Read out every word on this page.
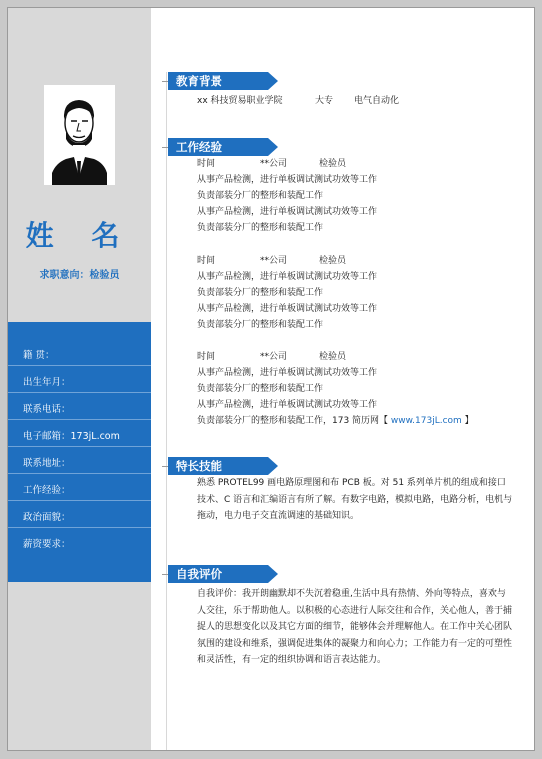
姓 名
求职意向：检验员
籍 贯：
出生年月：
联系电话：
电子邮箱：173jL.com
联系地址：
工作经验：
政治面貌：
薪资要求：
教育背景
xx 科技贸易职业学院	大专 电气自动化
工作经验
时间	**公司	检验员
从事产品检测，进行单板调试测试功效等工作
负责部装分厂的整形和装配工作
从事产品检测，进行单板调试测试功效等工作
负责部装分厂的整形和装配工作
时间	**公司	检验员
从事产品检测，进行单板调试测试功效等工作
负责部装分厂的整形和装配工作
从事产品检测，进行单板调试测试功效等工作
负责部装分厂的整形和装配工作
时间	**公司	检验员
从事产品检测，进行单板调试测试功效等工作
负责部装分厂的整形和装配工作
从事产品检测，进行单板调试测试功效等工作
负责部装分厂的整形和装配工作，173 简历网【 www.173jL.com 】
特长技能
熟悉 PROTEL99 画电路原理图和布 PCB 板。对 51 系列单片机的组成和接口 技术、C 语言和汇编语言有所了解。有数字电路，模拟电路，电路分析，电机与拖动，电力电子交直流调速的基础知识。
自我评价
自我评价：我开朗幽默却不失沉着稳重,生活中具有热情、外向等特点，喜欢与人交往，乐于帮助他人。以积极的心态进行人际交往和合作，关心他人，善于捕捉人的思想变化以及其它方面的细节，能够体会并理解他人。在工作中关心团队氛围的建设和维系，强调促进集体的凝聚力和向心力；工作能力有一定的可塑性和灵活性，有一定的组织协调和语言表达能力。
